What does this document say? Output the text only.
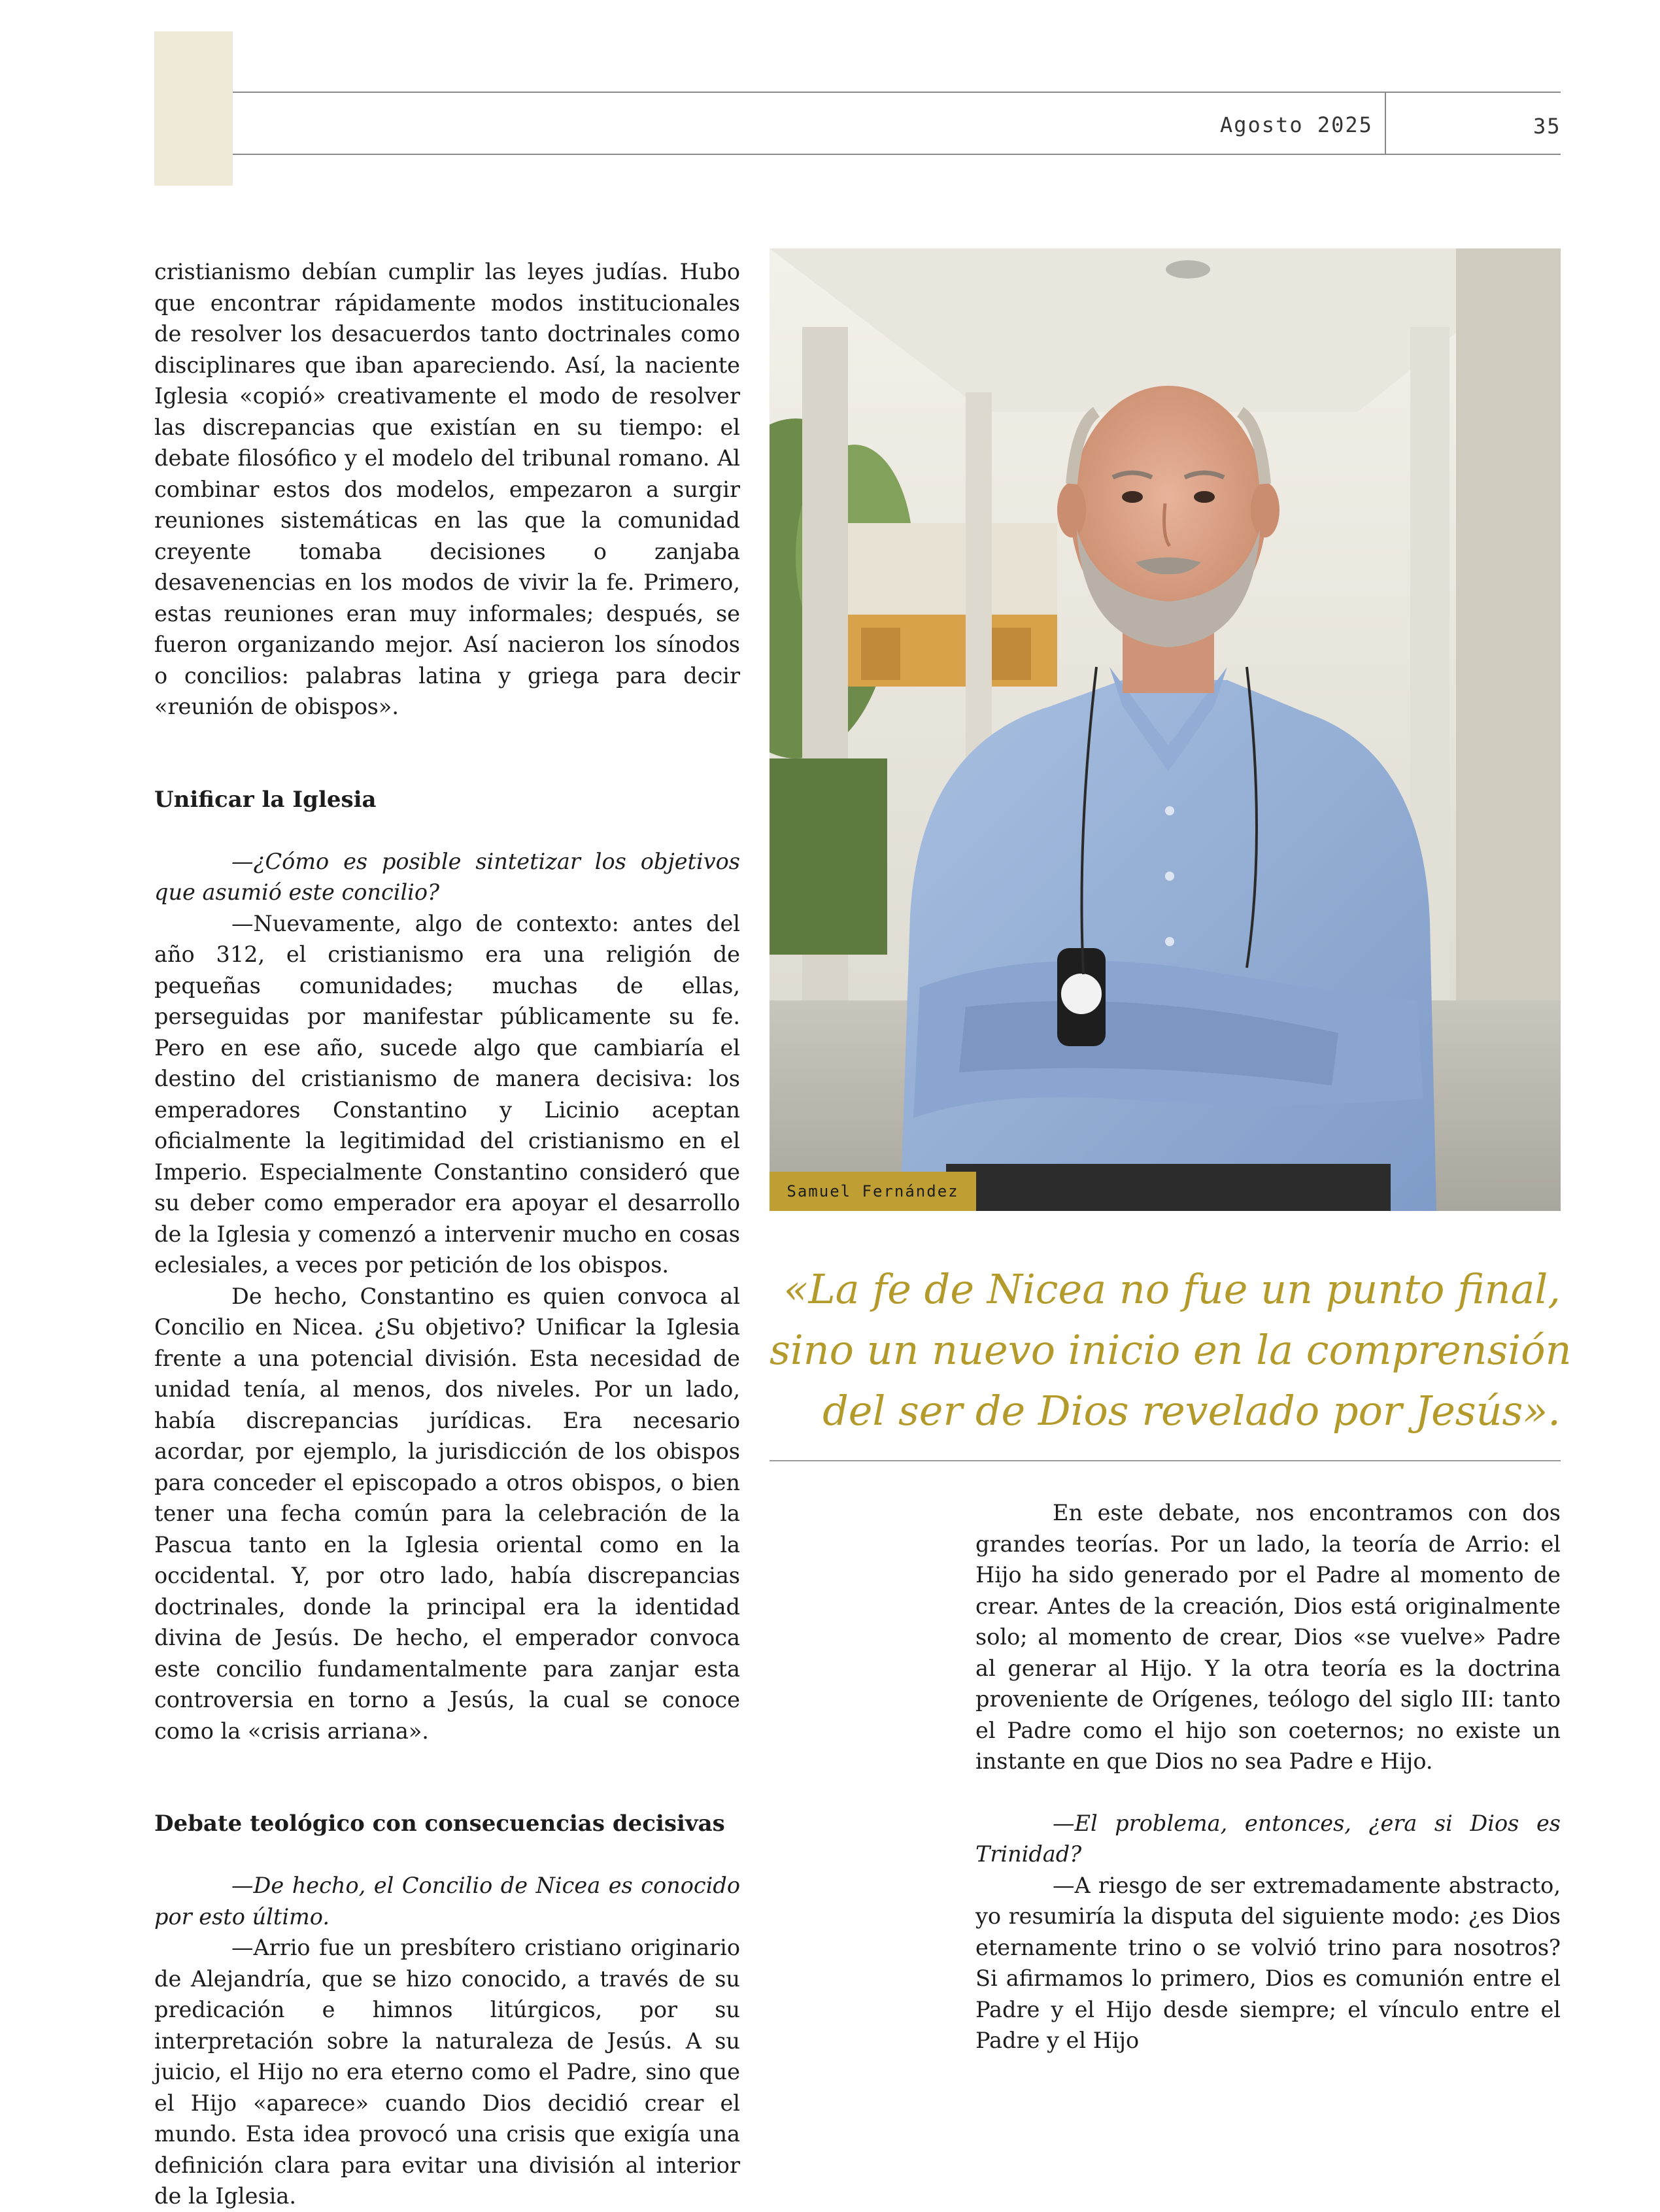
Agosto 2025	35

cristianismo debían cumplir las leyes judías. Hubo que encontrar rápidamente modos institucionales de resolver los desacuerdos tanto doctrinales como disciplinares que iban apareciendo. Así, la naciente Iglesia «copió» creativamente el modo de resolver las discrepancias que existían en su tiempo: el debate filosófico y el modelo del tribunal romano. Al combinar estos dos modelos, empezaron a surgir reuniones sistemáticas en las que la comunidad creyente tomaba decisiones o zanjaba desavenencias en los modos de vivir la fe. Primero, estas reuniones eran muy informales; después, se fueron organizando mejor. Así nacieron los sínodos o concilios: palabras latina y griega para decir «reunión de obispos».

Unificar la Iglesia

—¿Cómo es posible sintetizar los objetivos que asumió este concilio?

—Nuevamente, algo de contexto: antes del año 312, el cristianismo era una religión de pequeñas comunidades; muchas de ellas, perseguidas por manifestar públicamente su fe. Pero en ese año, sucede algo que cambiaría el destino del cristianismo de manera decisiva: los emperadores Constantino y Licinio aceptan oficialmente la legitimidad del cristianismo en el Imperio. Especialmente Constantino consideró que su deber como emperador era apoyar el desarrollo de la Iglesia y comenzó a intervenir mucho en cosas eclesiales, a veces por petición de los obispos.

De hecho, Constantino es quien convoca al Concilio en Nicea. ¿Su objetivo? Unificar la Iglesia frente a una potencial división. Esta necesidad de unidad tenía, al menos, dos niveles. Por un lado, había discrepancias jurídicas. Era necesario acordar, por ejemplo, la jurisdicción de los obispos para conceder el episcopado a otros obispos, o bien tener una fecha común para la celebración de la Pascua tanto en la Iglesia oriental como en la occidental. Y, por otro lado, había discrepancias doctrinales, donde la principal era la identidad divina de Jesús. De hecho, el emperador convoca este concilio fundamentalmente para zanjar esta controversia en torno a Jesús, la cual se conoce como la «crisis arriana».

Debate teológico con consecuencias decisivas

—De hecho, el Concilio de Nicea es conocido por esto último.

—Arrio fue un presbítero cristiano originario de Alejandría, que se hizo conocido, a través de su predicación e himnos litúrgicos, por su interpretación sobre la naturaleza de Jesús. A su juicio, el Hijo no era eterno como el Padre, sino que el Hijo «aparece» cuando Dios decidió crear el mundo. Esta idea provocó una crisis que exigía una definición clara para evitar una división al interior de la Iglesia.

Samuel Fernández
«La fe de Nicea no fue un punto final,
sino un nuevo inicio en la comprensión
del ser de Dios revelado por Jesús».

En este debate, nos encontramos con dos grandes teorías. Por un lado, la teoría de Arrio: el Hijo ha sido generado por el Padre al momento de crear. Antes de la creación, Dios está originalmente solo; al momento de crear, Dios «se vuelve» Padre al generar al Hijo. Y la otra teoría es la doctrina proveniente de Orígenes, teólogo del siglo III: tanto el Padre como el hijo son coeternos; no existe un instante en que Dios no sea Padre e Hijo.

—El problema, entonces, ¿era si Dios es Trinidad?

—A riesgo de ser extremadamente abstracto, yo resumiría la disputa del siguiente modo: ¿es Dios eternamente trino o se volvió trino para nosotros? Si afirmamos lo primero, Dios es comunión entre el Padre y el Hijo desde siempre; el vínculo entre el Padre y el Hijo
